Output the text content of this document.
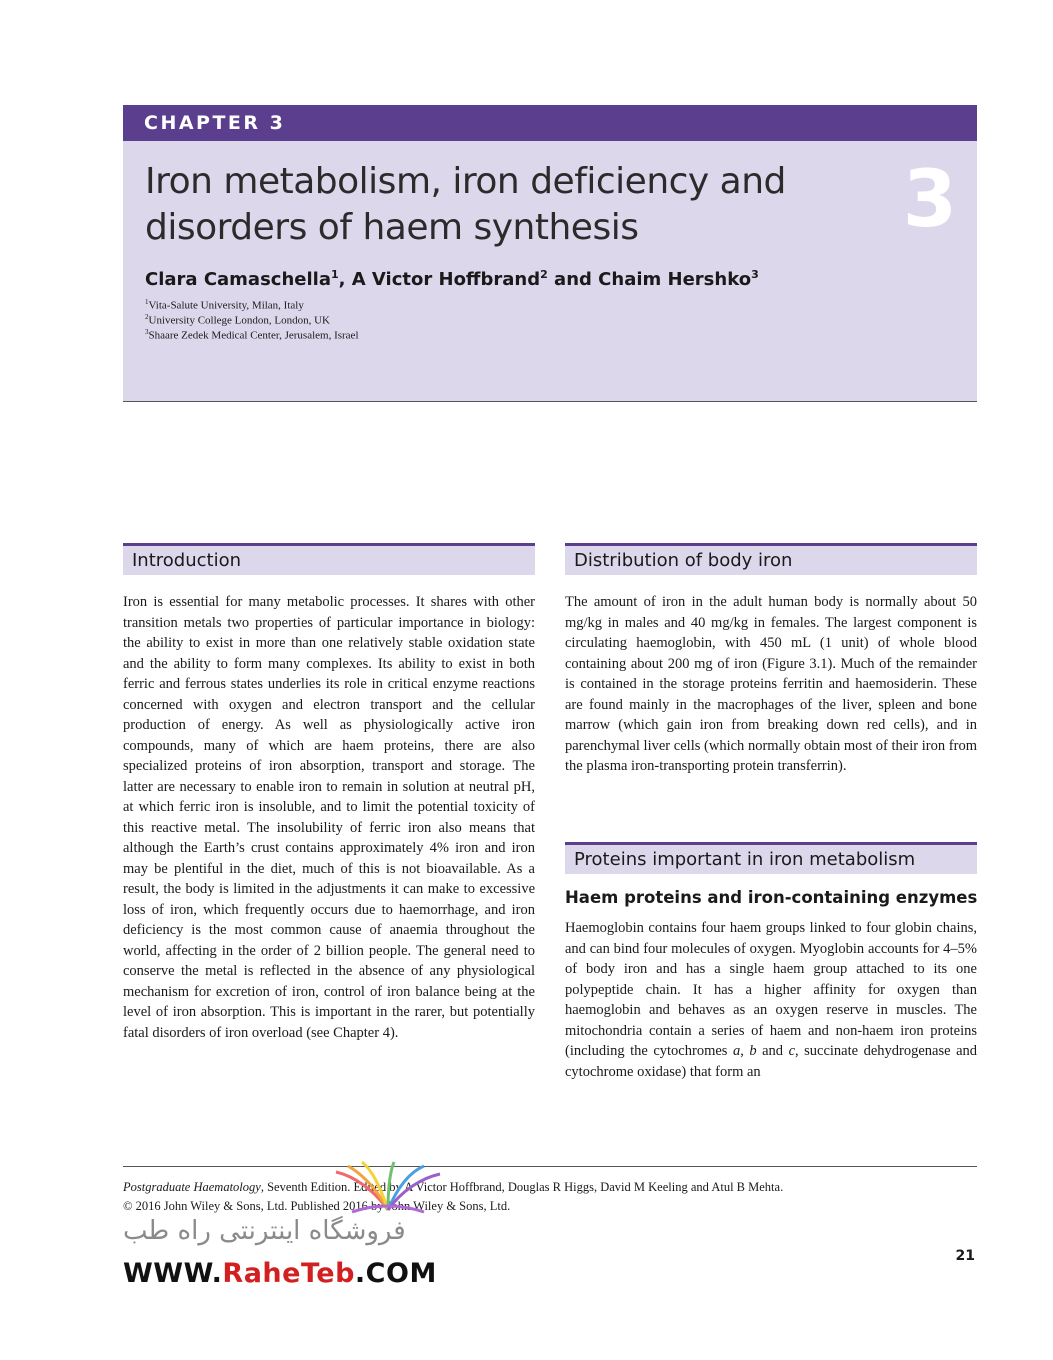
CHAPTER 3
Iron metabolism, iron deficiency and
disorders of haem synthesis	3
Clara Camaschella$^1$, A Victor Hoffbrand$^2$ and Chaim Hershko$^3$
$^1$Vita-Salute University, Milan, Italy
$^2$University College London, London, UK
$^3$Shaare Zedek Medical Center, Jerusalem, Israel
Introduction

Iron is essential for many metabolic processes. It shares with other transition metals two properties of particular importance in biology: the ability to exist in more than one relatively stable oxidation state and the ability to form many complexes. Its ability to exist in both ferric and ferrous states underlies its role in critical enzyme reactions concerned with oxygen and electron transport and the cellular production of energy. As well as physiologically active iron compounds, many of which are haem proteins, there are also specialized proteins of iron absorption, transport and storage. The latter are necessary to enable iron to remain in solution at neutral pH, at which ferric iron is insoluble, and to limit the potential toxicity of this reactive metal. The insolubility of ferric iron also means that although the Earth’s crust contains approximately 4% iron and iron may be plentiful in the diet, much of this is not bioavailable. As a result, the body is limited in the adjustments it can make to excessive loss of iron, which frequently occurs due to haemorrhage, and iron deficiency is the most common cause of anaemia throughout the world, affecting in the order of 2 billion people. The general need to conserve the metal is reflected in the absence of any physiological mechanism for excretion of iron, control of iron balance being at the level of iron absorption. This is important in the rarer, but potentially fatal disorders of iron overload (see Chapter 4).

Distribution of body iron

The amount of iron in the adult human body is normally about 50 mg/kg in males and 40 mg/kg in females. The largest component is circulating haemoglobin, with 450 mL (1 unit) of whole blood containing about 200 mg of iron (Figure 3.1). Much of the remainder is contained in the storage proteins ferritin and haemosiderin. These are found mainly in the macrophages of the liver, spleen and bone marrow (which gain iron from breaking down red cells), and in parenchymal liver cells (which normally obtain most of their iron from the plasma iron-transporting protein transferrin).

Proteins important in iron metabolism
Haem proteins and iron-containing enzymes

Haemoglobin contains four haem groups linked to four globin chains, and can bind four molecules of oxygen. Myoglobin accounts for 4–5% of body iron and has a single haem group attached to its one polypeptide chain. It has a higher affinity for oxygen than haemoglobin and behaves as an oxygen reserve in muscles. The mitochondria contain a series of haem and non-haem iron proteins (including the cytochromes a, b and c, succinate dehydrogenase and cytochrome oxidase) that form an

Postgraduate Haematology, Seventh Edition. Edited by A Victor Hoffbrand, Douglas R Higgs, David M Keeling and Atul B Mehta.
© 2016 John Wiley & Sons, Ltd. Published 2016 by John Wiley & Sons, Ltd.
فروشگاه اینترنتی راه طب
WWW.RaheTeb.COM
21
